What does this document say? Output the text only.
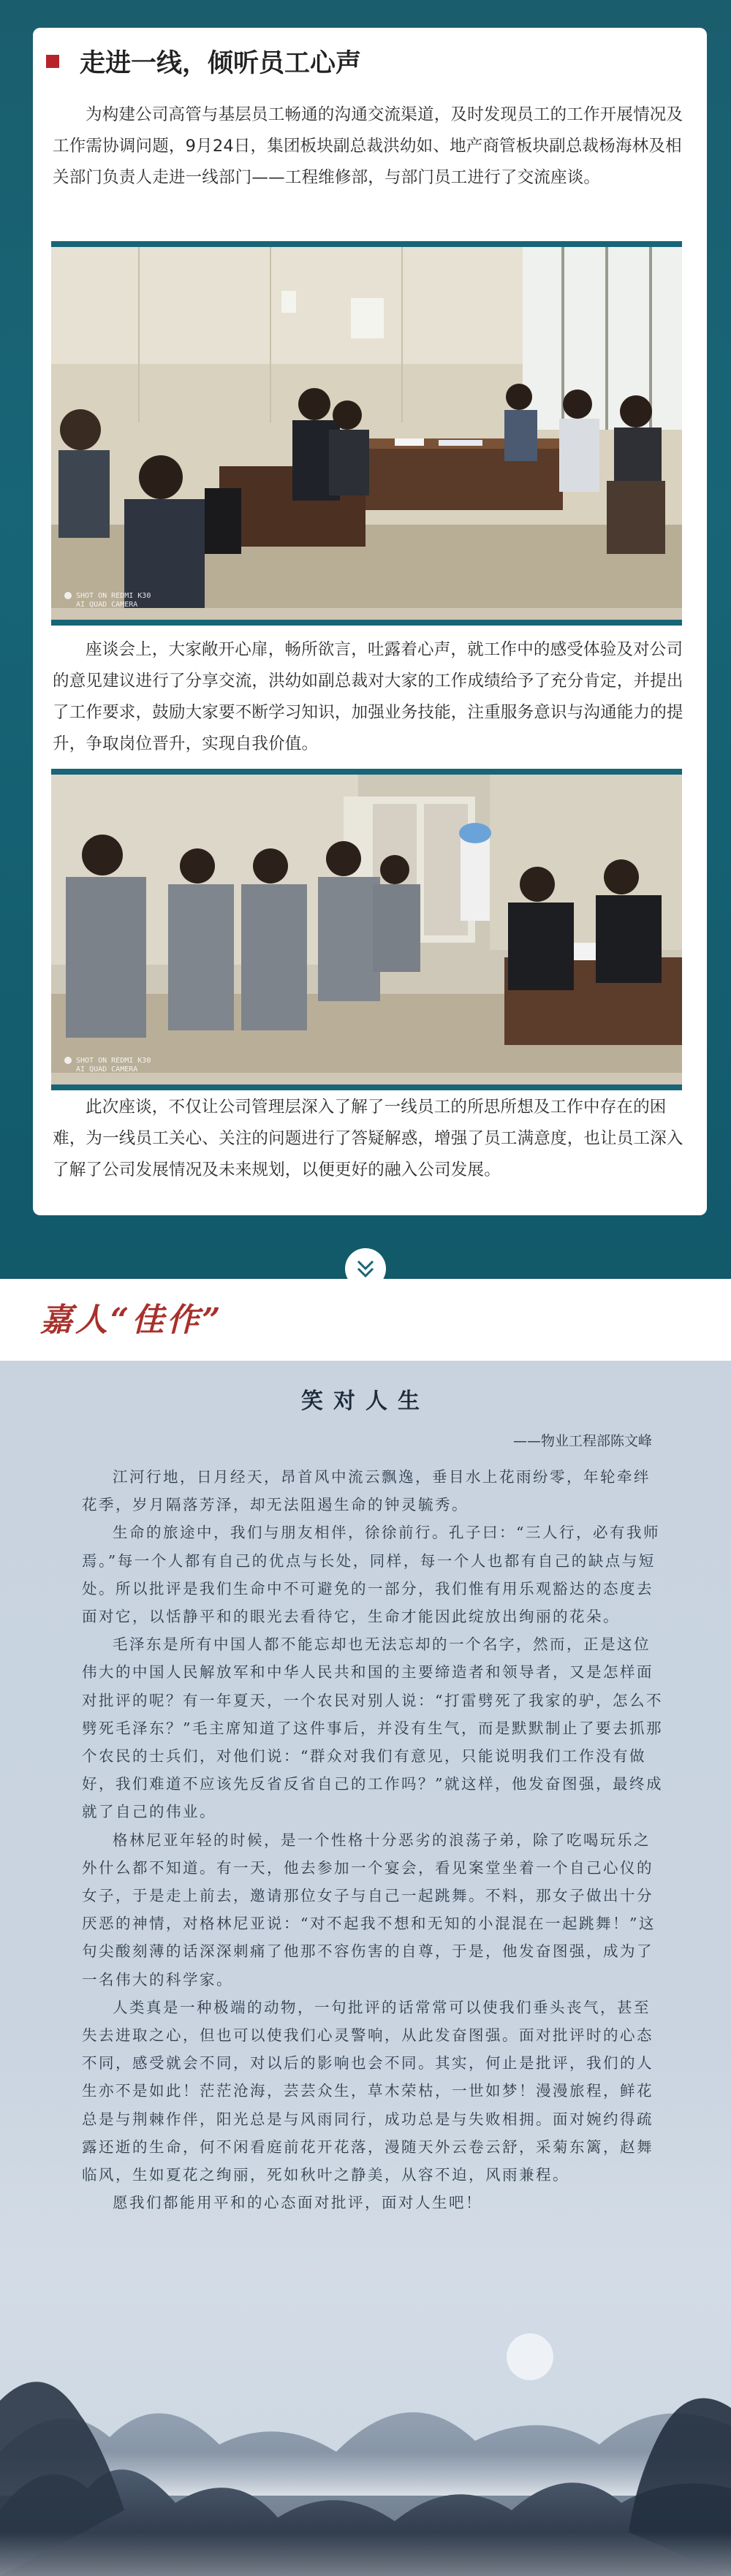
走进一线，倾听员工心声

为构建公司高管与基层员工畅通的沟通交流渠道，及时发现员工的工作开展情况及工作需协调问题，9月24日，集团板块副总裁洪幼如、地产商管板块副总裁杨海林及相关部门负责人走进一线部门——工程维修部，与部门员工进行了交流座谈。

SHOT ON REDMI K30
AI QUAD CAMERA

座谈会上，大家敞开心扉，畅所欲言，吐露着心声，就工作中的感受体验及对公司的意见建议进行了分享交流，洪幼如副总裁对大家的工作成绩给予了充分肯定，并提出了工作要求，鼓励大家要不断学习知识，加强业务技能，注重服务意识与沟通能力的提升，争取岗位晋升，实现自我价值。

SHOT ON REDMI K30
AI QUAD CAMERA

此次座谈，不仅让公司管理层深入了解了一线员工的所思所想及工作中存在的困难，为一线员工关心、关注的问题进行了答疑解惑，增强了员工满意度，也让员工深入了解了公司发展情况及未来规划，以便更好的融入公司发展。

嘉人“佳作”
笑对人生
——物业工程部陈文峰

江河行地，日月经天，昂首风中流云飘逸，垂目水上花雨纷零，年轮牵绊花季，岁月隔落芳泽，却无法阻遏生命的钟灵毓秀。

生命的旅途中，我们与朋友相伴，徐徐前行。孔子曰：“三人行，必有我师焉。”每一个人都有自己的优点与长处，同样，每一个人也都有自己的缺点与短处。所以批评是我们生命中不可避免的一部分，我们惟有用乐观豁达的态度去面对它，以恬静平和的眼光去看待它，生命才能因此绽放出绚丽的花朵。

毛泽东是所有中国人都不能忘却也无法忘却的一个名字，然而，正是这位伟大的中国人民解放军和中华人民共和国的主要缔造者和领导者，又是怎样面对批评的呢？有一年夏天，一个农民对别人说：“打雷劈死了我家的驴，怎么不劈死毛泽东？”毛主席知道了这件事后，并没有生气，而是默默制止了要去抓那个农民的士兵们，对他们说：“群众对我们有意见，只能说明我们工作没有做好，我们难道不应该先反省反省自己的工作吗？”就这样，他发奋图强，最终成就了自己的伟业。

格林尼亚年轻的时候，是一个性格十分恶劣的浪荡子弟，除了吃喝玩乐之外什么都不知道。有一天，他去参加一个宴会，看见案堂坐着一个自己心仪的女子，于是走上前去，邀请那位女子与自己一起跳舞。不料，那女子做出十分厌恶的神情，对格林尼亚说：“对不起我不想和无知的小混混在一起跳舞！”这句尖酸刻薄的话深深刺痛了他那不容伤害的自尊，于是，他发奋图强，成为了一名伟大的科学家。

人类真是一种极端的动物，一句批评的话常常可以使我们垂头丧气，甚至失去进取之心，但也可以使我们心灵警响，从此发奋图强。面对批评时的心态不同，感受就会不同，对以后的影响也会不同。其实，何止是批评，我们的人生亦不是如此！茫茫沧海，芸芸众生，草木荣枯，一世如梦！漫漫旅程，鲜花总是与荆棘作伴，阳光总是与风雨同行，成功总是与失败相拥。面对婉约得疏露还逝的生命，何不闲看庭前花开花落，漫随天外云卷云舒，采菊东篱，赵舞临风，生如夏花之绚丽，死如秋叶之静美，从容不迫，风雨兼程。

愿我们都能用平和的心态面对批评，面对人生吧！
